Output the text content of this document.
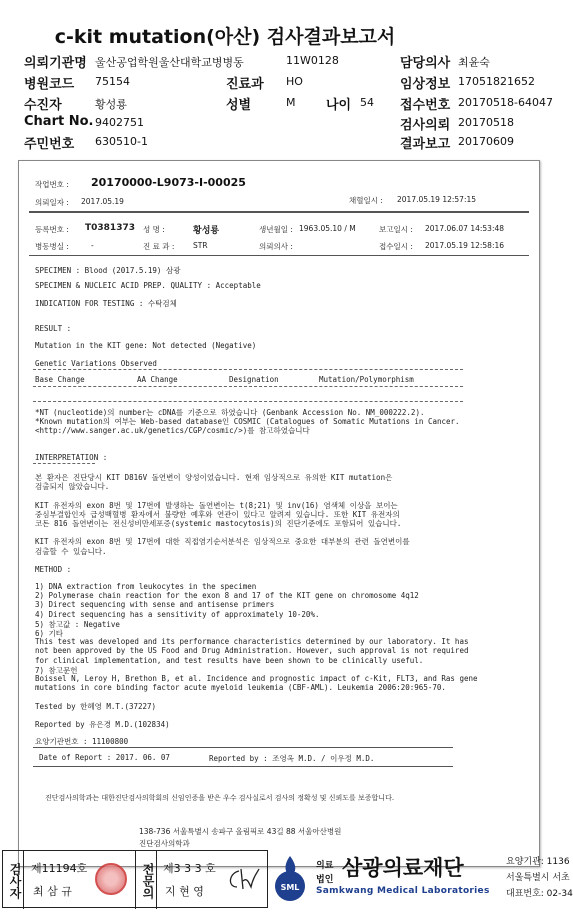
c-kit mutation(아산) 검사결과보고서
의뢰기관명 울산공업학원울산대학교병병동	11W0128	담당의사 최윤숙
병원코드 75154	진료과 HO	임상정보 17051821652
수진자	황성룡	성별	M 나이 54 접수번호 20170518-64047
Chart No. 9402751	검사의뢰 20170518
주민번호 630510-1	결과보고 20170609
작업번호 : 20170000-L9073-I-00025
의뢰일자 : 2017.05.19	채혈일시 : 2017.05.19 12:57:15
등록번호 : T0381373 성 명 :	황성룡	생년월일 : 1963.05.10 / M	보고일시 : 2017.06.07 14:53:48
병동병실 :	-	진 료 과 : STR	의뢰의사 :	접수일시 : 2017.05.19 12:58:16
SPECIMEN : Blood (2017.5.19) 삼광
SPECIMEN & NUCLEIC ACID PREP. QUALITY : Acceptable
INDICATION FOR TESTING : 수탁검체
RESULT :
Mutation in the KIT gene: Not detected (Negative)
Genetic Variations Observed
Base Change	AA Change	Designation	Mutation/Polymorphism
*NT (nucleotide)의 number는 cDNA를 기준으로 하였습니다 (Genbank Accession No. NM_000222.2).
*Known mutation의 여부는 Web-based database인 COSMIC (Catalogues of Somatic Mutations in Cancer.
<http://www.sanger.ac.uk/genetics/CGP/cosmic/>)를 참고하였습니다
INTERPRETATION :
본 환자은 진단당시 KIT D816V 돌연변이 양성이었습니다. 현재 임상적으로 유의한 KIT mutation은
검출되지 않았습니다.
KIT 유전자의 exon 8번 및 17번에 발생하는 돌연변이는 t(8;21) 및 inv(16) 염색체 이상을 보이는
중심부결합인자 급성백혈병 환자에서 불량한 예후와 연관이 있다고 알려져 있습니다. 또한 KIT 유전자의
코돈 816 돌연변이는 전신성비만세포증(systemic mastocytosis)의 진단기준에도 포함되어 있습니다.
KIT 유전자의 exon 8번 및 17번에 대한 직접염기순서분석은 임상적으로 중요한 대부분의 관련 돌연변이를
검출할 수 있습니다.
METHOD :
1) DNA extraction from leukocytes in the specimen
2) Polymerase chain reaction for the exon 8 and 17 of the KIT gene on chromosome 4q12
3) Direct sequencing with sense and antisense primers
4) Direct sequencing has a sensitivity of approximately 10-20%.
5) 참고값 : Negative
6) 기타
This test was developed and its performance characteristics determined by our laboratory. It has
not been approved by the US Food and Drug Administration. However, such approval is not required
for clinical implementation, and test results have been shown to be clinically useful.
7) 참고문헌
Boissel N, Leroy H, Brethon B, et al. Incidence and prognostic impact of c-Kit, FLT3, and Ras gene
mutations in core binding factor acute myeloid leukemia (CBF-AML). Leukemia 2006:20:965-70.
Tested by 한혜영 M.T.(37227)
Reported by 유은경 M.D.(102834)
요양기관번호 : 11100800
Date of Report : 2017. 06. 07	Reported by : 조영옥 M.D. / 이우정 M.D.
진단검사의학과는 대한진단검사의학회의 신임인증을 받은 우수 검사실로서 검사의 정확성 및 신뢰도를 보증합니다.
138-736 서울특별시 송파구 올림픽로 43길 88 서울아산병원
진단검사의학과
검사자 제11194호
최 삼 규	전문의 제3 3 3 호
지 현 영	SML
의료
법인 삼광의료재단
Samkwang Medical Laboratories
요양기관: 1136
서울특별시 서초
대표번호: 02-34
